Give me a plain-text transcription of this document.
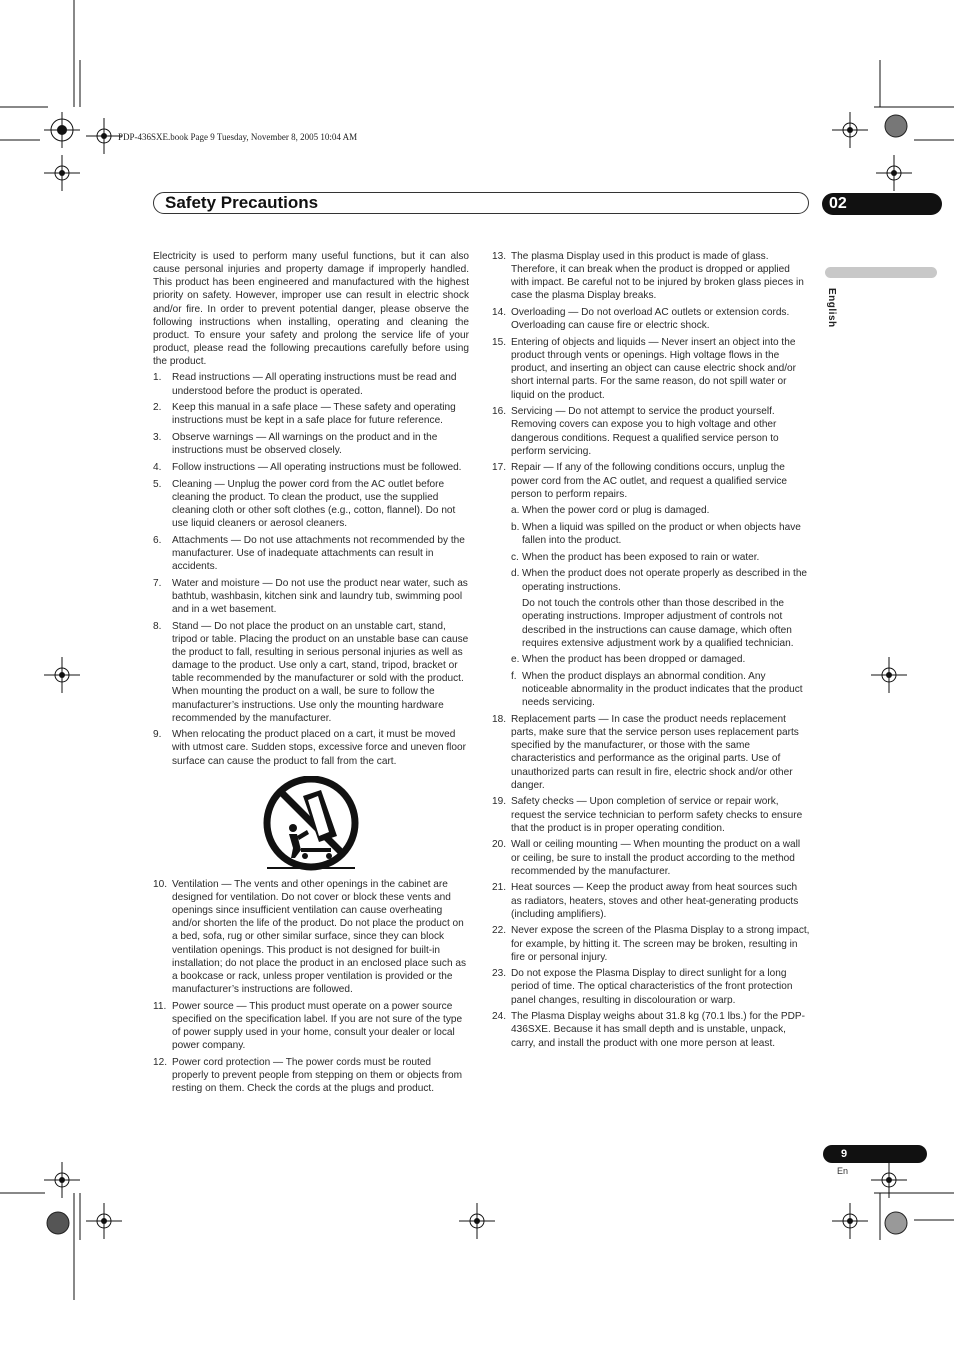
PDP-436SXE.book Page 9 Tuesday, November 8, 2005 10:04 AM
Safety Precautions	02
English

Electricity is used to perform many useful functions, but it can also cause personal injuries and property damage if improperly handled. This product has been engineered and manufactured with the highest priority on safety. However, improper use can result in electric shock and/or fire. In order to prevent potential danger, please observe the following instructions when installing, operating and cleaning the product. To ensure your safety and prolong the service life of your product, please read the following precautions carefully before using the product.

1.	Read instructions — All operating instructions must be read and understood before the product is operated.
2.	Keep this manual in a safe place — These safety and operating instructions must be kept in a safe place for future reference.
3.	Observe warnings — All warnings on the product and in the instructions must be observed closely.
4.	Follow instructions — All operating instructions must be followed.
5.	Cleaning — Unplug the power cord from the AC outlet before cleaning the product. To clean the product, use the supplied cleaning cloth or other soft clothes (e.g., cotton, flannel). Do not use liquid cleaners or aerosol cleaners.
6.	Attachments — Do not use attachments not recommended by the manufacturer. Use of inadequate attachments can result in accidents.
7.	Water and moisture — Do not use the product near water, such as bathtub, washbasin, kitchen sink and laundry tub, swimming pool and in a wet basement.
8.	Stand — Do not place the product on an unstable cart, stand, tripod or table. Placing the product on an unstable base can cause the product to fall, resulting in serious personal injuries as well as damage to the product. Use only a cart, stand, tripod, bracket or table recommended by the manufacturer or sold with the product. When mounting the product on a wall, be sure to follow the manufacturer’s instructions. Use only the mounting hardware recommended by the manufacturer.
9.	When relocating the product placed on a cart, it must be moved with utmost care. Sudden stops, excessive force and uneven floor surface can cause the product to fall from the cart.
10. Ventilation — The vents and other openings in the cabinet are designed for ventilation. Do not cover or block these vents and openings since insufficient ventilation can cause overheating and/or shorten the life of the product. Do not place the product on a bed, sofa, rug or other similar surface, since they can block ventilation openings. This product is not designed for built-in installation; do not place the product in an enclosed place such as a bookcase or rack, unless proper ventilation is provided or the manufacturer’s instructions are followed.
11. Power source — This product must operate on a power source specified on the specification label. If you are not sure of the type of power supply used in your home, consult your dealer or local power company.
12. Power cord protection — The power cords must be routed properly to prevent people from stepping on them or objects from resting on them. Check the cords at the plugs and product.
13. The plasma Display used in this product is made of glass. Therefore, it can break when the product is dropped or applied with impact. Be careful not to be injured by broken glass pieces in case the plasma Display breaks.
14. Overloading — Do not overload AC outlets or extension cords. Overloading can cause fire or electric shock.
15. Entering of objects and liquids — Never insert an object into the product through vents or openings. High voltage flows in the product, and inserting an object can cause electric shock and/or short internal parts. For the same reason, do not spill water or liquid on the product.
16. Servicing — Do not attempt to service the product yourself. Removing covers can expose you to high voltage and other dangerous conditions. Request a qualified service person to perform servicing.
17. Repair — If any of the following conditions occurs, unplug the power cord from the AC outlet, and request a qualified service person to perform repairs.
a. When the power cord or plug is damaged.
b. When a liquid was spilled on the product or when objects have fallen into the product.
c. When the product has been exposed to rain or water.
d. When the product does not operate properly as described in the operating instructions.

Do not touch the controls other than those described in the operating instructions. Improper adjustment of controls not described in the instructions can cause damage, which often requires extensive adjustment work by a qualified technician.

e. When the product has been dropped or damaged.
f. When the product displays an abnormal condition. Any noticeable abnormality in the product indicates that the product needs servicing.
18. Replacement parts — In case the product needs replacement parts, make sure that the service person uses replacement parts specified by the manufacturer, or those with the same characteristics and performance as the original parts. Use of unauthorized parts can result in fire, electric shock and/or other danger.
19. Safety checks — Upon completion of service or repair work, request the service technician to perform safety checks to ensure that the product is in proper operating condition.
20. Wall or ceiling mounting — When mounting the product on a wall or ceiling, be sure to install the product according to the method recommended by the manufacturer.
21. Heat sources — Keep the product away from heat sources such as radiators, heaters, stoves and other heat-generating products (including amplifiers).
22. Never expose the screen of the Plasma Display to a strong impact, for example, by hitting it. The screen may be broken, resulting in fire or personal injury.
23. Do not expose the Plasma Display to direct sunlight for a long period of time. The optical characteristics of the front protection panel changes, resulting in discolouration or warp.
24. The Plasma Display weighs about 31.8 kg (70.1 lbs.) for the PDP-436SXE. Because it has small depth and is unstable, unpack, carry, and install the product with one more person at least.
9
En
